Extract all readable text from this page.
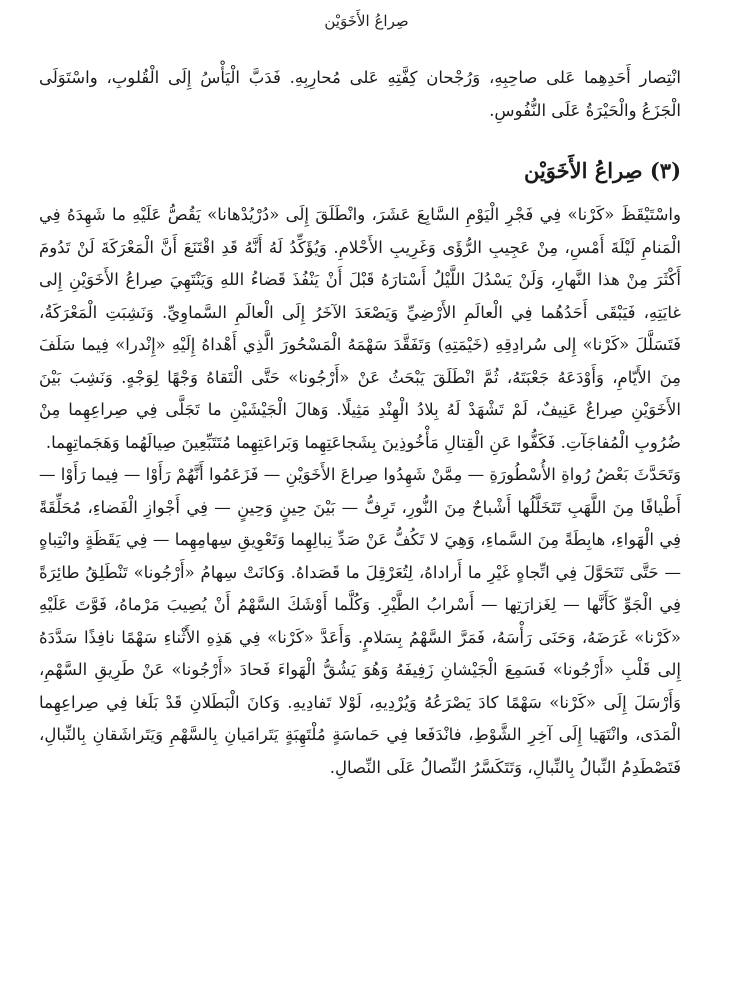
صِراعُ الأَخَوَيْن

انْتِصار أَحَدِهِما عَلى صاحِبِهِ، وَرُجْحان كِفَّتِهِ عَلى مُحارِبِهِ. فَدَبَّ الْيَأْسُ إِلَى الْقُلوبِ، واسْتَوَلَى الْجَزَعُ والْحَيْرَةُ عَلَى النُّفُوسِ.

(٣) صِراعُ الأَخَوَيْن

واسْتَيْقَظَ «كَرْنا» فِي فَجْرِ الْيَوْمِ السَّابِعَ عَشَرَ، وانْطَلَقَ إِلَى «دُرْيُدْهانا» يَقُصُّ عَلَيْهِ ما شَهِدَهُ فِي الْمَنامِ لَيْلَةَ أَمْسِ، مِنْ عَجِيبِ الرُّؤَى وَغَرِيبِ الأَحْلامِ. وَيُؤَكِّدُ لَهُ أَنَّهُ قَدِ اقْتَنَعَ أَنَّ الْمَعْرَكَةَ لَنْ تَدُومَ أَكْثَرَ مِنْ هذا النَّهارِ، وَلَنْ يَسْدُلَ اللَّيْلُ أَسْتارَهُ قَبْلَ أَنْ يَنْفُذَ قَضاءُ اللهِ وَيَنْتَهِيَ صِراعُ الأَخَوَيْنِ إِلى غايَتِهِ، فَيَبْقَى أَحَدُهُما فِي الْعالَمِ الأَرْضِيِّ وَيَصْعَدَ الآخَرُ إِلَى الْعالَمِ السَّماوِيِّ. وَنَشِبَتِ الْمَعْرَكَةُ، فَتَسَلَّلَ «كَرْنا» إِلى سُرادِقِهِ (خَيْمَتِهِ) وَتَفَقَّدَ سَهْمَهُ الْمَسْحُورَ الَّذِي أَهْداهُ إِلَيْهِ «إِنْدرا» فِيما سَلَفَ مِنَ الأَيّامِ، وَأَوْدَعَهُ جَعْبَتَهُ، ثُمَّ انْطَلَقَ يَبْحَثُ عَنْ «أَرْجُونا» حَتَّى الْتَقاهُ وَجْهًا لِوَجْهٍ. وَنَشِبَ بَيْنَ الأَخَوَيْنِ صِراعٌ عَنِيفٌ، لَمْ تَشْهَدْ لَهُ بِلادُ الْهِنْدِ مَثِيلًا. وَهالَ الْجَيْشَيْنِ ما تَجَلَّى فِي صِراعِهِما مِنْ ضُرُوبِ الْمُفاجَآتِ. فَكَفُّوا عَنِ الْقِتالِ مَأْخُوذِينَ بِشَجاعَتِهِما وَبَراعَتِهِما مُتَتَبِّعِينَ صِيالَهُما وَهَجَماتِهِما.

وَتَحَدَّثَ بَعْضُ رُواةِ الأُسْطُورَةِ — مِمَّنْ شَهِدُوا صِراعَ الأَخَوَيْنِ — فَزَعَمُوا أَنَّهُمْ رَأَوْا — فِيما رَأَوْا — أَطْيافًا مِنَ اللَّهَبِ تَتَخَلَّلُها أَشْباحٌ مِنَ النُّورِ، تَرِفُّ — بَيْنَ حِينٍ وَحِينٍ — فِي أَجْوازِ الْفَضاءِ، مُحَلِّقَةً فِي الْهَواءِ، هابِطَةً مِنَ السَّماءِ، وَهِيَ لا تَكُفُّ عَنْ صَدِّ نِبالِهِما وَتَعْوِيقِ سِهامِهِما — فِي يَقَظَةٍ وانْتِباهٍ — حَتَّى تَتَحَوَّلَ فِي اتِّجاهٍ غَيْرِ ما أَراداهُ، لِتُعَرْقِلَ ما قَصَداهُ. وَكانَتْ سِهامُ «أَرْجُونا» تَنْطَلِقُ طائِرَةً فِي الْجَوِّ كَأَنَّها — لِغَزارَتِها — أَسْرابُ الطَّيْرِ. وَكُلَّما أَوْشَكَ السَّهْمُ أَنْ يُصِيبَ مَرْماهُ، فَوَّتَ عَلَيْهِ «كَرْنا» غَرَضَهُ، وَحَنَى رَأْسَهُ، فَمَرَّ السَّهْمُ بِسَلامٍ. وَأَعَدَّ «كَرْنا» فِي هَذِهِ الأَثْناءِ سَهْمًا نافِذًا سَدَّدَهُ إِلى قَلْبِ «أَرْجُونا» فَسَمِعَ الْجَيْشانِ زَفِيفَهُ وَهُوَ يَشُقُّ الْهَواءَ فَحادَ «أَرْجُونا» عَنْ طَرِيقِ السَّهْمِ، وَأَرْسَلَ إِلَى «كَرْنا» سَهْمًا كادَ يَصْرَعُهُ وَيُرْدِيهِ، لَوْلا تَفادِيهِ. وَكانَ الْبَطَلانِ قَدْ بَلَغا فِي صِراعِهِما الْمَدَى، وانْتَهَيا إِلَى آخِرِ الشَّوْطِ، فانْدَفَعا فِي حَماسَةٍ مُلْتَهِبَةٍ يَتَرامَيانِ بِالسَّهْمِ وَيَتَراشَقانِ بِالنِّبالِ، فَتَصْطَدِمُ النِّبالُ بِالنِّبالِ، وَتَتَكَسَّرُ النِّصالُ عَلَى النِّصالِ.
